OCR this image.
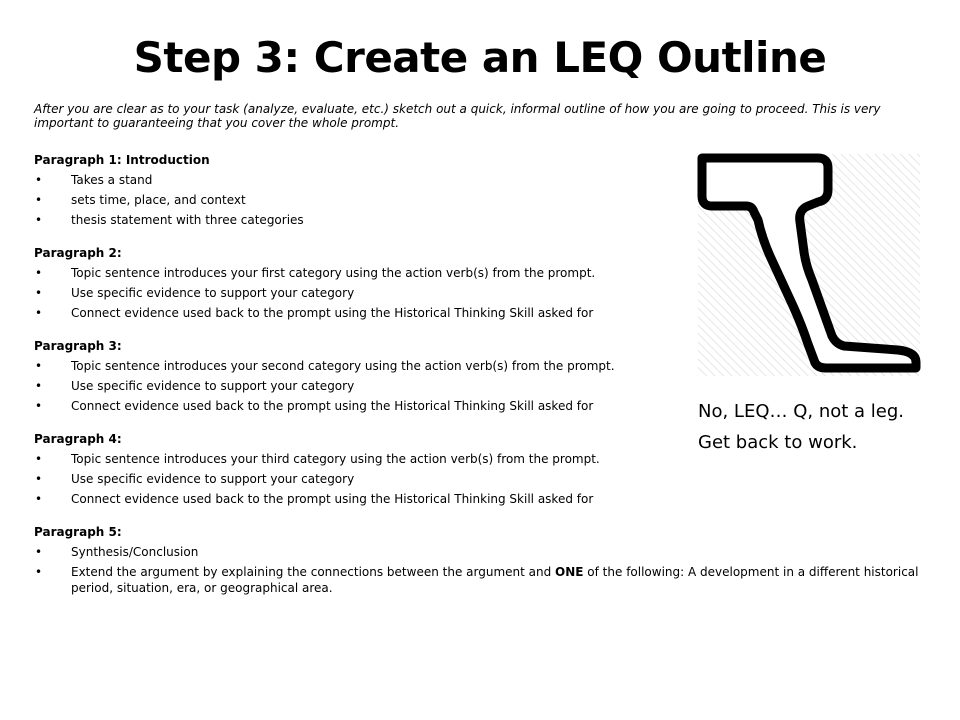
Step 3: Create an LEQ Outline
After you are clear as to your task (analyze, evaluate, etc.) sketch out a quick, informal outline of how you are going to proceed. This is very important to guaranteeing that you cover the whole prompt.
Paragraph 1: Introduction
• Takes a stand
• sets time, place, and context
• thesis statement with three categories
Paragraph 2:
• Topic sentence introduces your first category using the action verb(s) from the prompt.
• Use specific evidence to support your category
• Connect evidence used back to the prompt using the Historical Thinking Skill asked for
Paragraph 3:
• Topic sentence introduces your second category using the action verb(s) from the prompt.
• Use specific evidence to support your category
• Connect evidence used back to the prompt using the Historical Thinking Skill asked for
Paragraph 4:
• Topic sentence introduces your third category using the action verb(s) from the prompt.
• Use specific evidence to support your category
• Connect evidence used back to the prompt using the Historical Thinking Skill asked for
Paragraph 5:
• Synthesis/Conclusion
• Extend the argument by explaining the connections between the argument and ONE of the following: A development in a different historical period, situation, era, or geographical area.
No, LEQ… Q, not a leg.
Get back to work.
